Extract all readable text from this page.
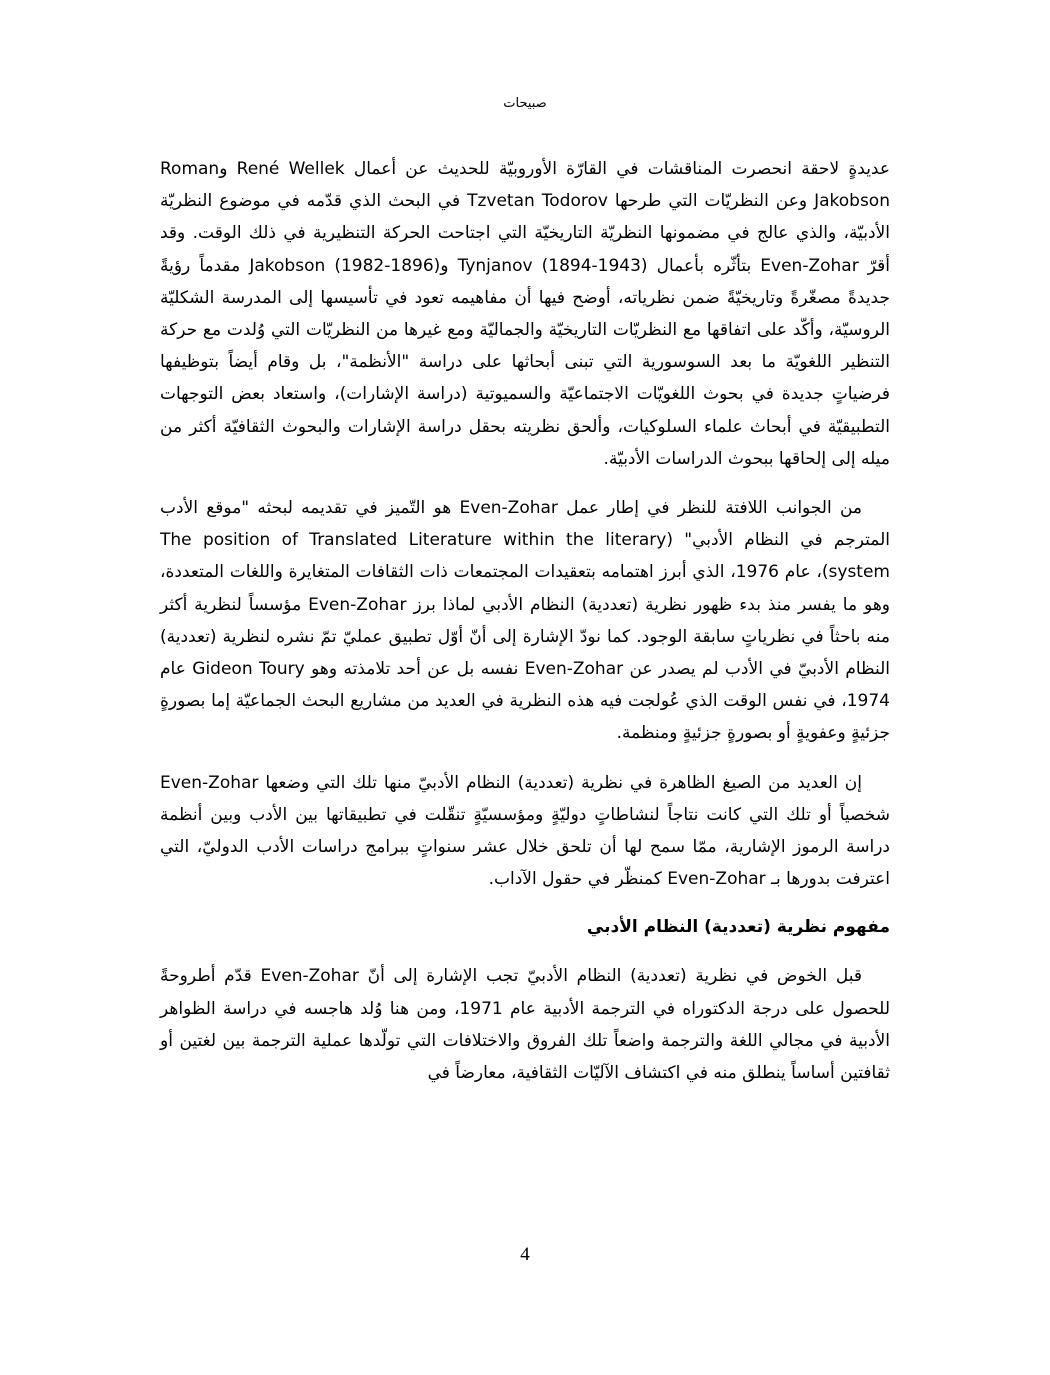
صبيحات

عديدةٍ لاحقة انحصرت المناقشات في القارّة الأوروبيّة للحديث عن أعمال René Wellek وRoman Jakobson وعن النظريّات التي طرحها Tzvetan Todorov في البحث الذي قدّمه في موضوع النظريّة الأدبيّة، والذي عالج في مضمونها النظريّة التاريخيّة التي اجتاحت الحركة التنظيرية في ذلك الوقت. وقد أقرّ Even-Zohar بتأثّره بأعمال Tynjanov (1894-1943) و(1896-1982) Jakobson مقدماً رؤيةً جديدةً مصغّرةً وتاريخيّةً ضمن نظرياته، أوضح فيها أن مفاهيمه تعود في تأسيسها إلى المدرسة الشكليّة الروسيّة، وأكّد على اتفاقها مع النظريّات التاريخيّة والجماليّة ومع غيرها من النظريّات التي وُلدت مع حركة التنظير اللغويّة ما بعد السوسورية التي تبنى أبحاثها على دراسة "الأنظمة"، بل وقام أيضاً بتوظيفها فرضياتٍ جديدة في بحوث اللغويّات الاجتماعيّة والسميوتية (دراسة الإشارات)، واستعاد بعض التوجهات التطبيقيّة في أبحاث علماء السلوكيات، وألحق نظريته بحقل دراسة الإشارات والبحوث الثقافيّة أكثر من ميله إلى إلحاقها ببحوث الدراسات الأدبيّة.

من الجوانب اللافتة للنظر في إطار عمل Even-Zohar هو التّميز في تقديمه لبحثه "موقع الأدب المترجم في النظام الأدبي" (The position of Translated Literature within the literary system)، عام 1976، الذي أبرز اهتمامه بتعقيدات المجتمعات ذات الثقافات المتغايرة واللغات المتعددة، وهو ما يفسر منذ بدء ظهور نظرية (تعددية) النظام الأدبي لماذا برز Even-Zohar مؤسساً لنظرية أكثر منه باحثاً في نظرياتٍ سابقة الوجود. كما نودّ الإشارة إلى أنّ أوّل تطبيق عمليّ تمّ نشره لنظرية (تعددية) النظام الأدبيّ في الأدب لم يصدر عن Even-Zohar نفسه بل عن أحد تلامذته وهو Gideon Toury عام 1974، في نفس الوقت الذي عُولجت فيه هذه النظرية في العديد من مشاريع البحث الجماعيّة إما بصورةٍ جزئيةٍ وعفويةٍ أو بصورةٍ جزئيةٍ ومنظمة.

إن العديد من الصيغ الظاهرة في نظرية (تعددية) النظام الأدبيّ منها تلك التي وضعها Even-Zohar شخصياً أو تلك التي كانت نتاجاً لنشاطاتٍ دوليّةٍ ومؤسسيّةٍ تنقّلت في تطبيقاتها بين الأدب وبين أنظمة دراسة الرموز الإشارية، ممّا سمح لها أن تلحق خلال عشر سنواتٍ ببرامج دراسات الأدب الدوليّ، التي اعترفت بدورها بـ Even-Zohar كمنظّر في حقول الآداب.

مفهوم نظرية (تعددية) النظام الأدبي

قبل الخوض في نظرية (تعددية) النظام الأدبيّ تجب الإشارة إلى أنّ Even-Zohar قدّم أطروحةً للحصول على درجة الدكتوراه في الترجمة الأدبية عام 1971، ومن هنا وُلد هاجسه في دراسة الظواهر الأدبية في مجالي اللغة والترجمة واضعاً تلك الفروق والاختلافات التي تولّدها عملية الترجمة بين لغتين أو ثقافتين أساساً ينطلق منه في اكتشاف الآليّات الثقافية، معارضاً في

4
